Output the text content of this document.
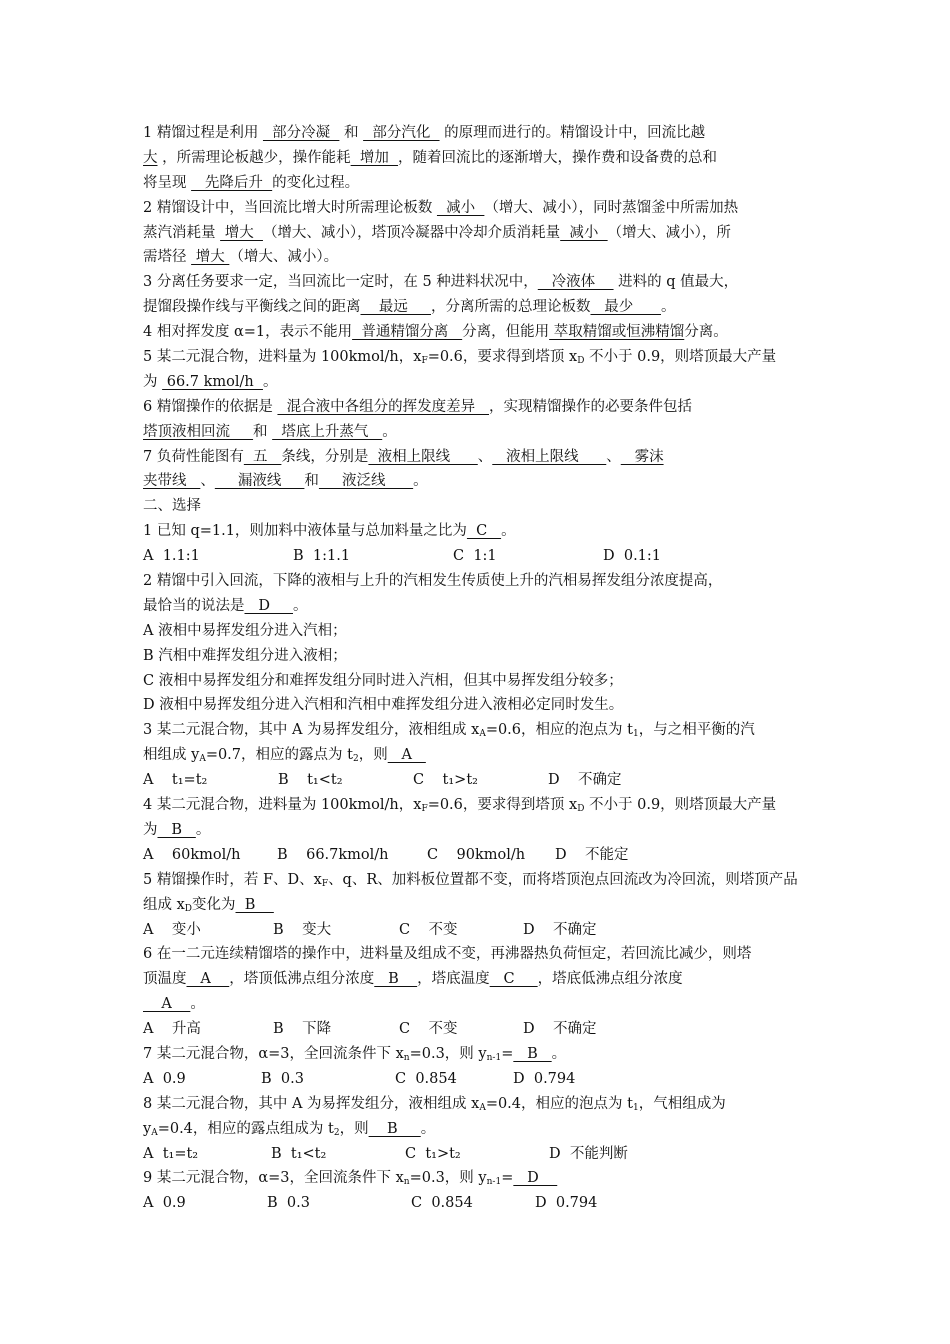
1 精馏过程是利用   部分冷凝   和   部分汽化   的原理而进行的。精馏设计中，回流比越
大 ，所需理论板越少，操作能耗  增加  ，随着回流比的逐渐增大，操作费和设备费的总和
将呈现    先降后升  的变化过程。
2 精馏设计中，当回流比增大时所需理论板数   减小  （增大、减小），同时蒸馏釜中所需加热
蒸汽消耗量  增大  （增大、减小），塔顶冷凝器中冷却介质消耗量  减小  （增大、减小），所
需塔径  增大 （增大、减小）。
3 分离任务要求一定，当回流比一定时，在 5 种进料状况中，   冷液体     进料的 q 值最大，
提馏段操作线与平衡线之间的距离    最远     ，分离所需的总理论板数   最少      。
4 相对挥发度 α=1，表示不能用  普通精馏分离   分离，但能用 萃取精馏或恒沸精馏分离。
5 某二元混合物，进料量为 100kmol/h，$x_F=0.6$，要求得到塔顶 $x_D$ 不小于 0.9，则塔顶最大产量
为  66.7 kmol/h  。
6 精馏操作的依据是   混合液中各组分的挥发度差异   ，实现精馏操作的必要条件包括
塔顶液相回流     和   塔底上升蒸气   。
7 负荷性能图有  五   条线，分别是  液相上限线      、   液相上限线      、   雾沫
夹带线   、     漏液线     和     液泛线      。
二、选择
1 已知 q=1.1，则加料中液体量与总加料量之比为  C   。
A  1.1:1	B  1:1.1	C  1:1	D  0.1:1
2 精馏中引入回流，下降的液相与上升的汽相发生传质使上升的汽相易挥发组分浓度提高，
最恰当的说法是   D     。
A 液相中易挥发组分进入汽相；
B 汽相中难挥发组分进入液相；
C 液相中易挥发组分和难挥发组分同时进入汽相，但其中易挥发组分较多；
D 液相中易挥发组分进入汽相和汽相中难挥发组分进入液相必定同时发生。
3 某二元混合物，其中 A 为易挥发组分，液相组成 $x_A=0.6$，相应的泡点为 $t_1$，与之相平衡的汽
相组成 $y_A=0.7$，相应的露点为 $t_2$，则   A
A    t₁=t₂	B    t₁<t₂	C    t₁>t₂	D    不确定
4 某二元混合物，进料量为 100kmol/h，$x_F=0.6$，要求得到塔顶 $x_D$ 不小于 0.9，则塔顶最大产量
为   B   。
A    60kmol/h	B    66.7kmol/h	C    90kmol/h	D    不能定
5 精馏操作时，若 F、D、$x_F$、q、R、加料板位置都不变，而将塔顶泡点回流改为冷回流，则塔顶产品
组成 $x_D$变化为  B
A    变小	B    变大	C    不变	D    不确定
6 在一二元连续精馏塔的操作中，进料量及组成不变，再沸器热负荷恒定，若回流比减少，则塔
顶温度   A    ，塔顶低沸点组分浓度   B    ，塔底温度   C     ，塔底低沸点组分浓度
A    。
A    升高	B    下降	C    不变	D    不确定
7 某二元混合物，α=3，全回流条件下 $x_n=0.3$，则 $y_{n-1}= B$   。
A  0.9	B  0.3	C  0.854	D  0.794
8 某二元混合物，其中 A 为易挥发组分，液相组成 $x_A=0.4$，相应的泡点为 $t_1$，气相组成为
$y_A=0.4$，相应的露点组成为 $t_2$，则    B     。
A  t₁=t₂	B  t₁<t₂	C  t₁>t₂	D  不能判断
9 某二元混合物，α=3，全回流条件下 $x_n=0.3$，则 $y_{n-1}= D$
A  0.9	B  0.3	C  0.854	D  0.794
